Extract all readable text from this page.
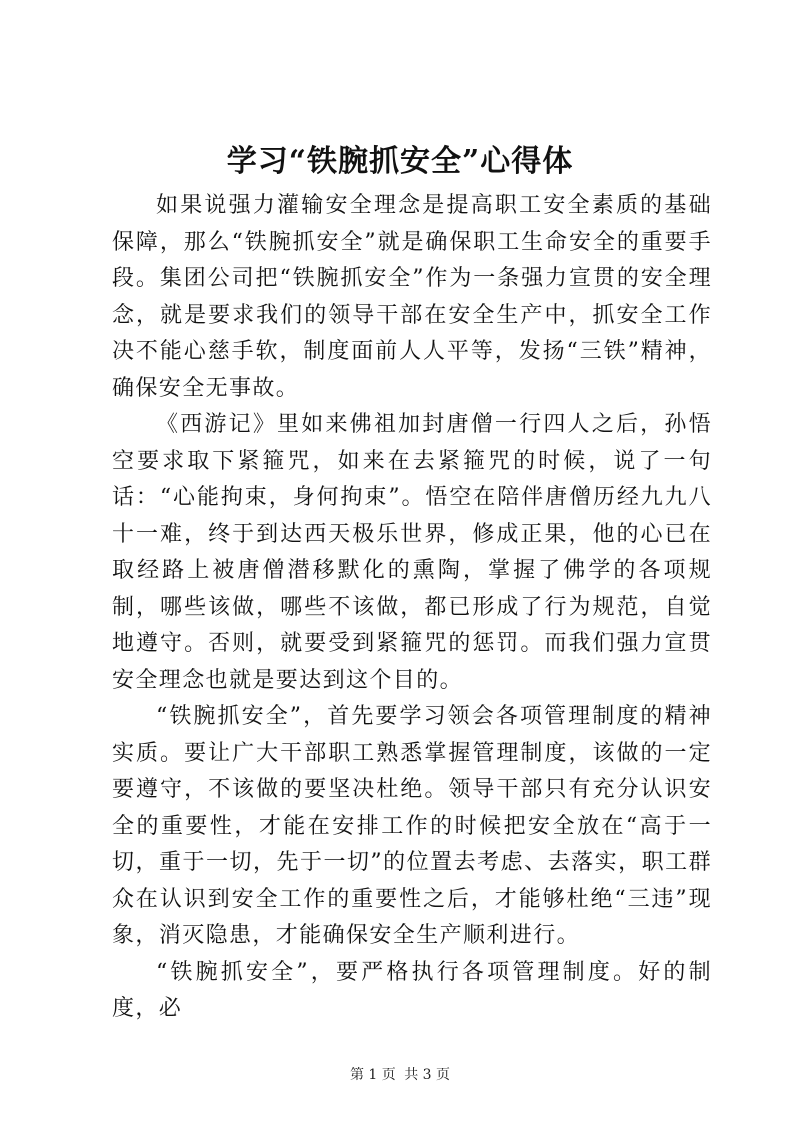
学习“铁腕抓安全”心得体

如果说强力灌输安全理念是提高职工安全素质的基础保障，那么“铁腕抓安全”就是确保职工生命安全的重要手段。集团公司把“铁腕抓安全”作为一条强力宣贯的安全理念，就是要求我们的领导干部在安全生产中，抓安全工作决不能心慈手软，制度面前人人平等，发扬“三铁”精神，确保安全无事故。

《西游记》里如来佛祖加封唐僧一行四人之后，孙悟空要求取下紧箍咒，如来在去紧箍咒的时候，说了一句话：“心能拘束，身何拘束”。悟空在陪伴唐僧历经九九八十一难，终于到达西天极乐世界，修成正果，他的心已在取经路上被唐僧潜移默化的熏陶，掌握了佛学的各项规制，哪些该做，哪些不该做，都已形成了行为规范，自觉地遵守。否则，就要受到紧箍咒的惩罚。而我们强力宣贯安全理念也就是要达到这个目的。

“铁腕抓安全”，首先要学习领会各项管理制度的精神实质。要让广大干部职工熟悉掌握管理制度，该做的一定要遵守，不该做的要坚决杜绝。领导干部只有充分认识安全的重要性，才能在安排工作的时候把安全放在“高于一切，重于一切，先于一切”的位置去考虑、去落实，职工群众在认识到安全工作的重要性之后，才能够杜绝“三违”现象，消灭隐患，才能确保安全生产顺利进行。

“铁腕抓安全”，要严格执行各项管理制度。好的制度，必

第 1 页 共 3 页
